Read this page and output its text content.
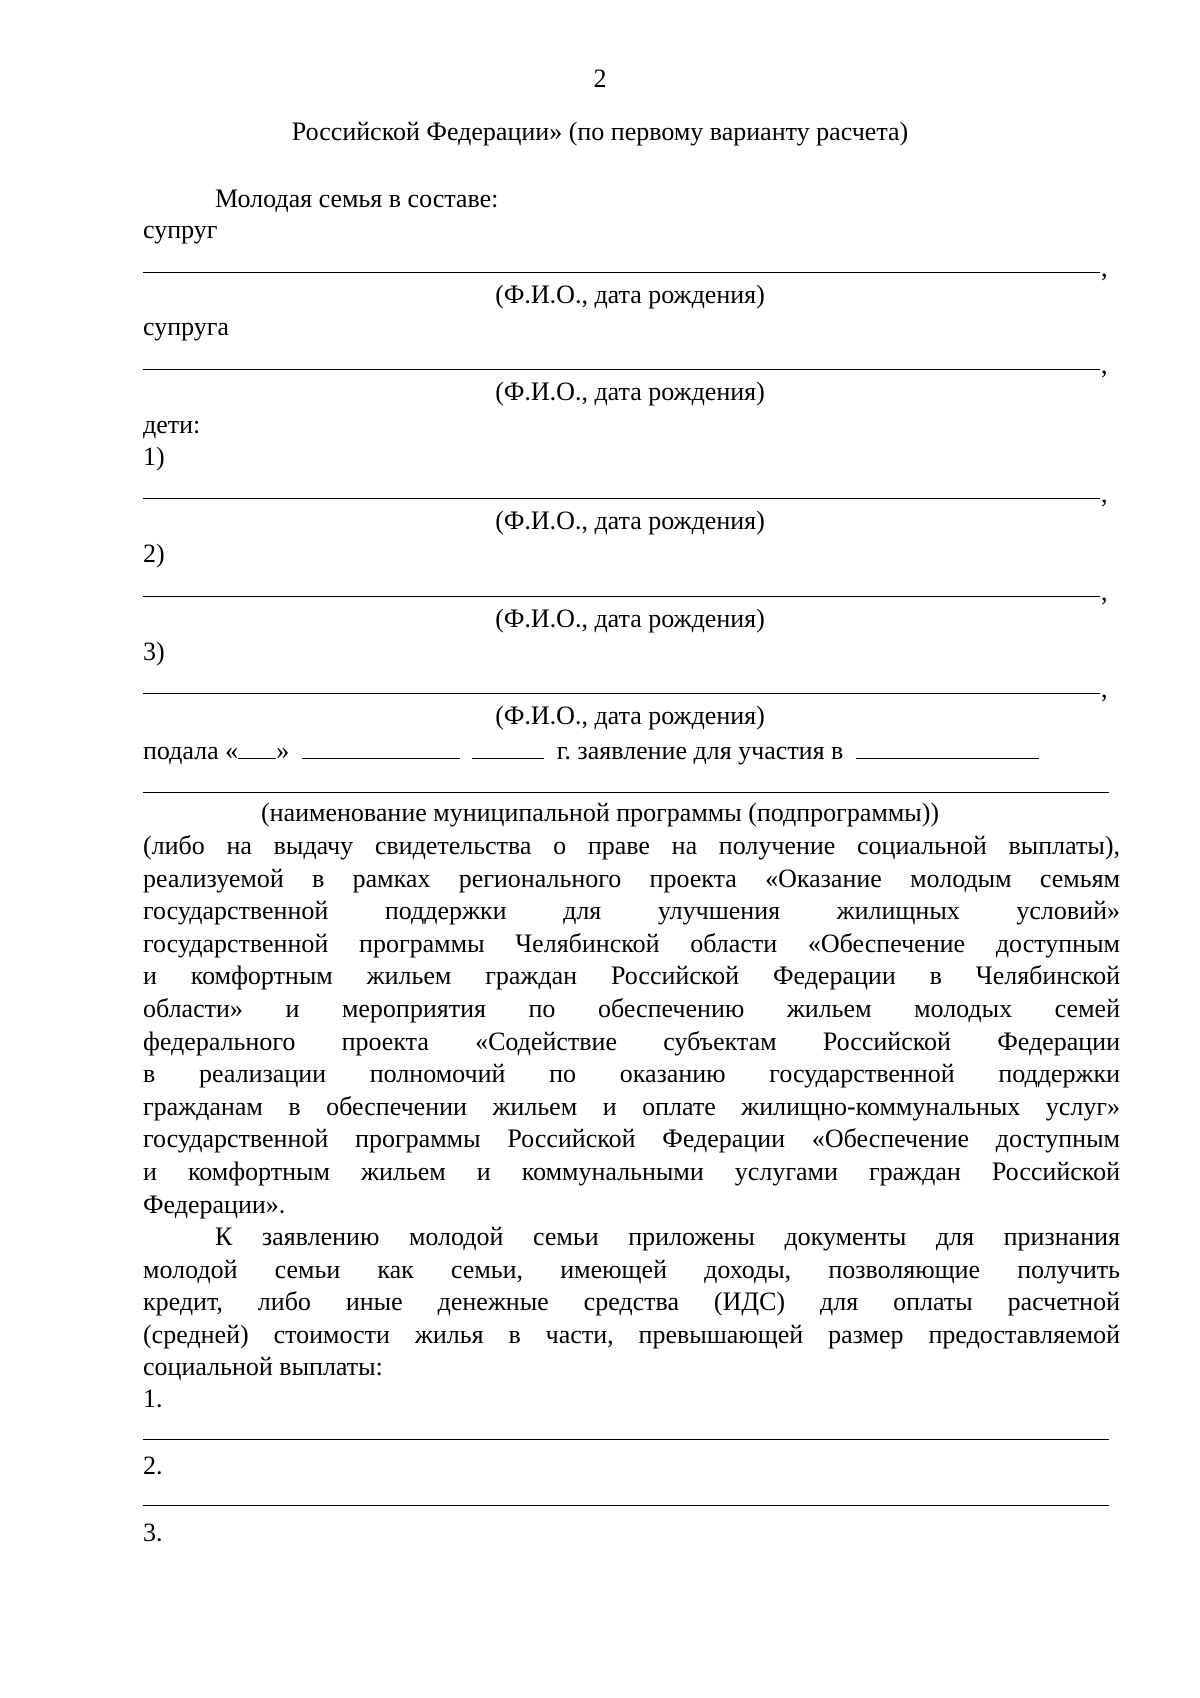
2
Российской Федерации» (по первому варианту расчета)
Молодая семья в составе:
супруг
,
(Ф.И.О., дата рождения)
супруга
,
(Ф.И.О., дата рождения)
дети:
1)
,
(Ф.И.О., дата рождения)
2)
,
(Ф.И.О., дата рождения)
3)
,
(Ф.И.О., дата рождения)
подала « »	г. заявление для участия в
(наименование муниципальной программы (подпрограммы))
(либо на выдачу свидетельства о праве на получение социальной выплаты),
реализуемой в рамках регионального проекта «Оказание молодым семьям
государственной поддержки для улучшения жилищных условий»
государственной программы Челябинской области «Обеспечение доступным
и комфортным жильем граждан Российской Федерации в Челябинской
области» и мероприятия по обеспечению жильем молодых семей
федерального проекта «Содействие субъектам Российской Федерации
в реализации полномочий по оказанию государственной поддержки
гражданам в обеспечении жильем и оплате жилищно-коммунальных услуг»
государственной программы Российской Федерации «Обеспечение доступным
и комфортным жильем и коммунальными услугами граждан Российской
Федерации».
К заявлению молодой семьи приложены документы для признания
молодой семьи как семьи, имеющей доходы, позволяющие получить
кредит, либо иные денежные средства (ИДС) для оплаты расчетной
(средней) стоимости жилья в части, превышающей размер предоставляемой
социальной выплаты:
1.
2.
3.
